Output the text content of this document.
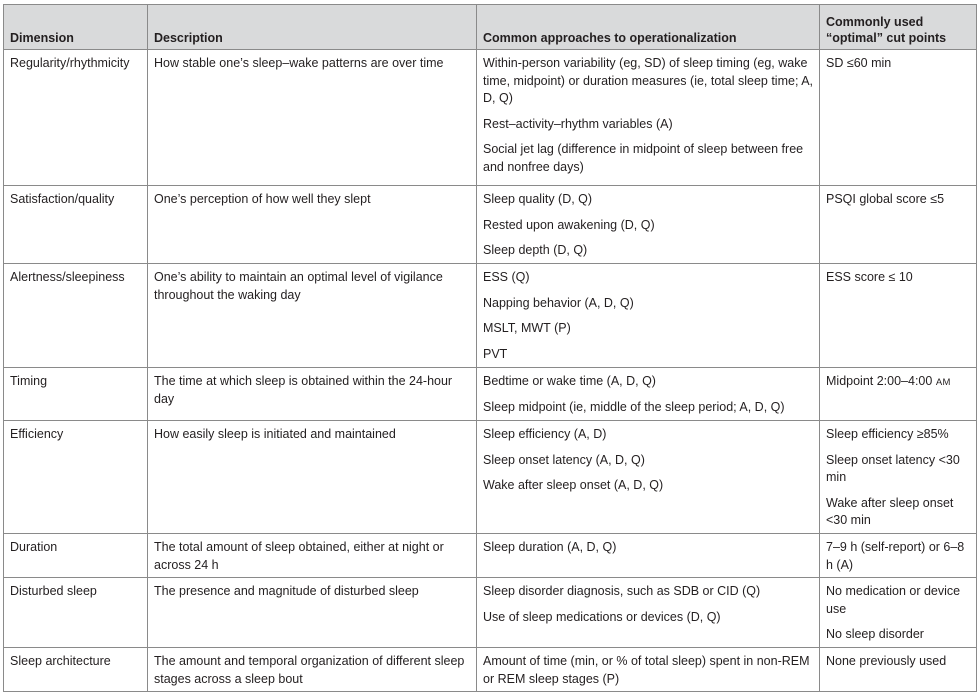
Dimension	Description	Common approaches to operationalization	Commonly used “optimal” cut points
Regularity/rhythmicity	How stable one’s sleep–wake patterns are over time	Within-person variability (eg, SD) of sleep timing (eg, wake time, midpoint) or duration measures (ie, total sleep time; A, D, Q)
Rest–activity–rhythm variables (A)
Social jet lag (difference in midpoint of sleep between free and nonfree days)	SD ≤60 min

Satisfaction/quality	One’s perception of how well they slept	Sleep quality (D, Q)
Rested upon awakening (D, Q)
Sleep depth (D, Q)	PSQI global score ≤5

Alertness/sleepiness	One’s ability to maintain an optimal level of vigilance throughout the waking day	ESS (Q)
Napping behavior (A, D, Q)
MSLT, MWT (P)
PVT	ESS score ≤ 10

Timing	The time at which sleep is obtained within the 24-hour day	Bedtime or wake time (A, D, Q)
Sleep midpoint (ie, middle of the sleep period; A, D, Q)	Midpoint 2:00–4:00 AM

Efficiency	How easily sleep is initiated and maintained	Sleep efficiency (A, D)
Sleep onset latency (A, D, Q)
Wake after sleep onset (A, D, Q)	Sleep efficiency ≥85%
Sleep onset latency <30 min
Wake after sleep onset <30 min

Duration	The total amount of sleep obtained, either at night or across 24 h	Sleep duration (A, D, Q)	7–9 h (self-report) or 6–8 h (A)

Disturbed sleep	The presence and magnitude of disturbed sleep	Sleep disorder diagnosis, such as SDB or CID (Q)
Use of sleep medications or devices (D, Q)	No medication or device use
No sleep disorder

Sleep architecture	The amount and temporal organization of different sleep stages across a sleep bout	Amount of time (min, or % of total sleep) spent in non-REM or REM sleep stages (P)	None previously used
